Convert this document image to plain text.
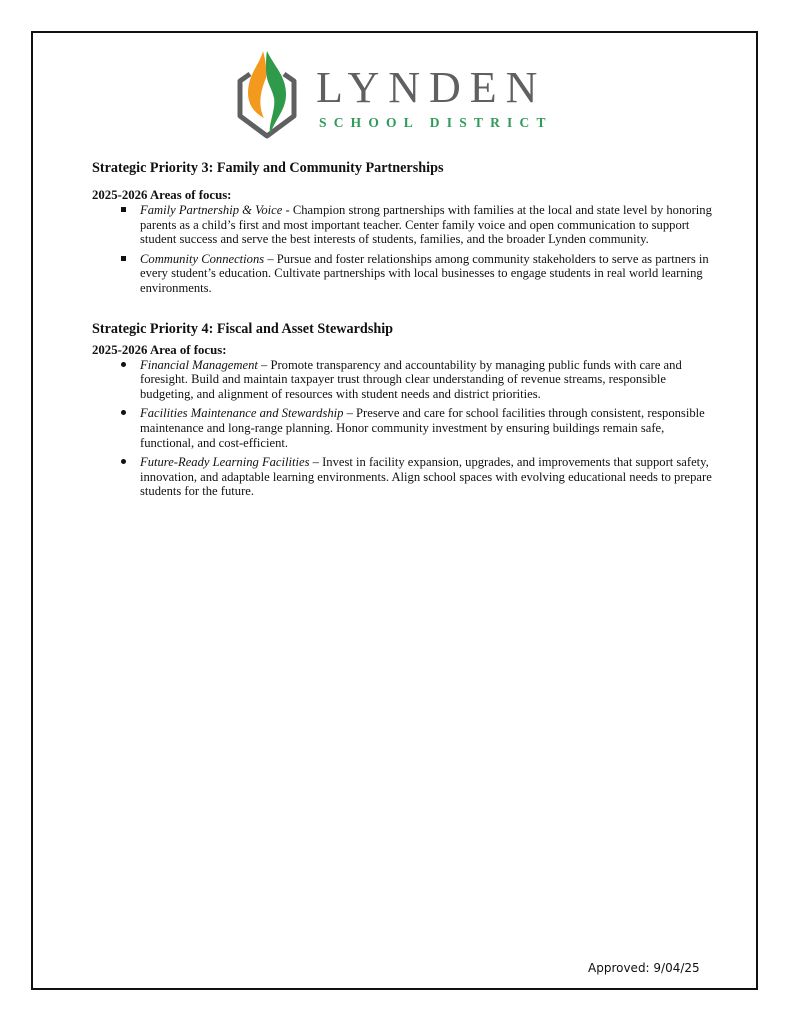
LYNDEN
SCHOOL DISTRICT
Strategic Priority 3: Family and Community Partnerships
2025-2026 Areas of focus:
Family Partnership & Voice - Champion strong partnerships with families at the local and state level by honoring parents as a child’s first and most important teacher. Center family voice and open communication to support student success and serve the best interests of students, families, and the broader Lynden community.
Community Connections – Pursue and foster relationships among community stakeholders to serve as partners in every student’s education. Cultivate partnerships with local businesses to engage students in real world learning environments.
Strategic Priority 4: Fiscal and Asset Stewardship
2025-2026 Area of focus:
Financial Management – Promote transparency and accountability by managing public funds with care and foresight. Build and maintain taxpayer trust through clear understanding of revenue streams, responsible budgeting, and alignment of resources with student needs and district priorities.
Facilities Maintenance and Stewardship – Preserve and care for school facilities through consistent, responsible maintenance and long-range planning. Honor community investment by ensuring buildings remain safe, functional, and cost-efficient.
Future-Ready Learning Facilities – Invest in facility expansion, upgrades, and improvements that support safety, innovation, and adaptable learning environments. Align school spaces with evolving educational needs to prepare students for the future.
Approved: 9/04/25
